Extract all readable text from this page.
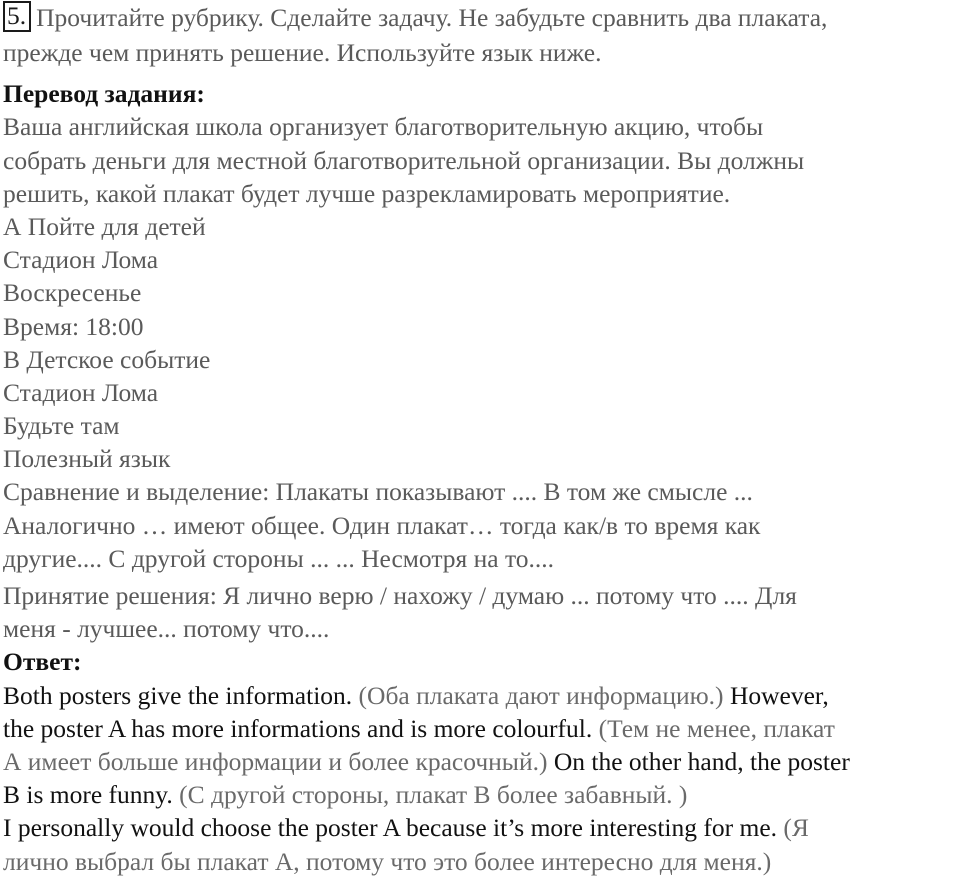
5. Прочитайте рубрику. Сделайте задачу. Не забудьте сравнить два плаката,
прежде чем принять решение. Используйте язык ниже.
Перевод задания:
Ваша английская школа организует благотворительную акцию, чтобы
собрать деньги для местной благотворительной организации. Вы должны
решить, какой плакат будет лучше разрекламировать мероприятие.
А Пойте для детей
Стадион Лома
Воскресенье
Время: 18:00
В Детское событие
Стадион Лома
Будьте там
Полезный язык
Сравнение и выделение: Плакаты показывают .... В том же смысле ...
Аналогично … имеют общее. Один плакат… тогда как/в то время как
другие.... С другой стороны ... ... Несмотря на то....
Принятие решения: Я лично верю / нахожу / думаю ... потому что .... Для
меня - лучшее... потому что....
Ответ:
Both posters give the information. (Оба плаката дают информацию.) However,
the poster A has more informations and is more colourful. (Тем не менее, плакат
А имеет больше информации и более красочный.) On the other hand, the poster
B is more funny. (С другой стороны, плакат В более забавный. )
I personally would choose the poster A because it’s more interesting for me. (Я
лично выбрал бы плакат А, потому что это более интересно для меня.)
